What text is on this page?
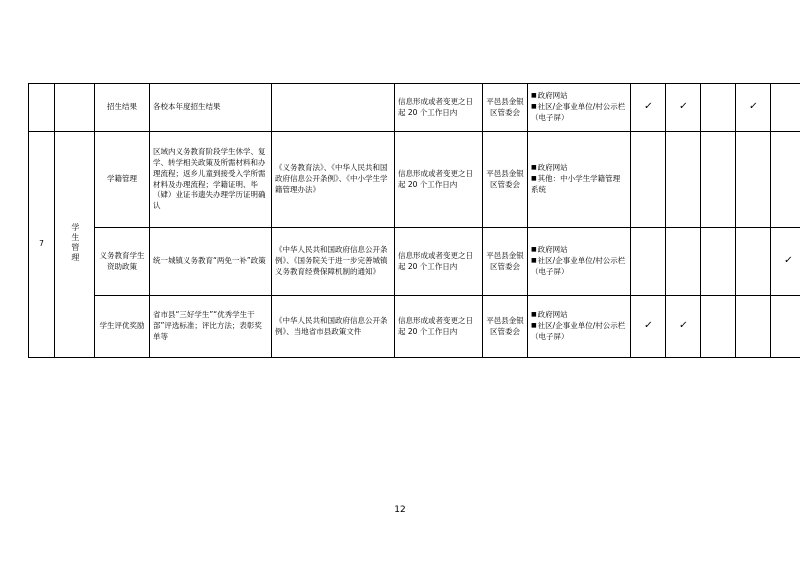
		招生结果	各校本年度招生结果		信息形成或者变更之日起 20 个工作日内	平邑县金银区管委会	■ 政府网站
■ 社区/企事业单位/村公示栏（电子屏）	✓	✓		✓	
7	学生管理	学籍管理	区域内义务教育阶段学生休学、复学、转学相关政策及所需材料和办理流程；返乡儿童到接受入学所需材料及办理流程；学籍证明、毕（肄）业证书遗失办理学历证明确认	《义务教育法》、《中华人民共和国政府信息公开条例》、《中小学生学籍管理办法》	信息形成或者变更之日起 20 个工作日内	平邑县金银区管委会	■ 政府网站
■ 其他：中小学生学籍管理系统

		义务教育学生资助政策	统一城镇义务教育“两免一补”政策	《中华人民共和国政府信息公开条例》、《国务院关于进一步完善城镇义务教育经费保障机制的通知》	信息形成或者变更之日起 20 个工作日内	平邑县金银区管委会	■ 政府网站
■ 社区/企事业单位/村公示栏（电子屏）					✓
		学生评优奖励	省市县“三好学生”“优秀学生干部”评选标准；评比方法；表彰奖单等	《中华人民共和国政府信息公开条例》、当地省市县政策文件	信息形成或者变更之日起 20 个工作日内	平邑县金银区管委会	■ 政府网站
■ 社区/企事业单位/村公示栏（电子屏）	✓	✓			
12
